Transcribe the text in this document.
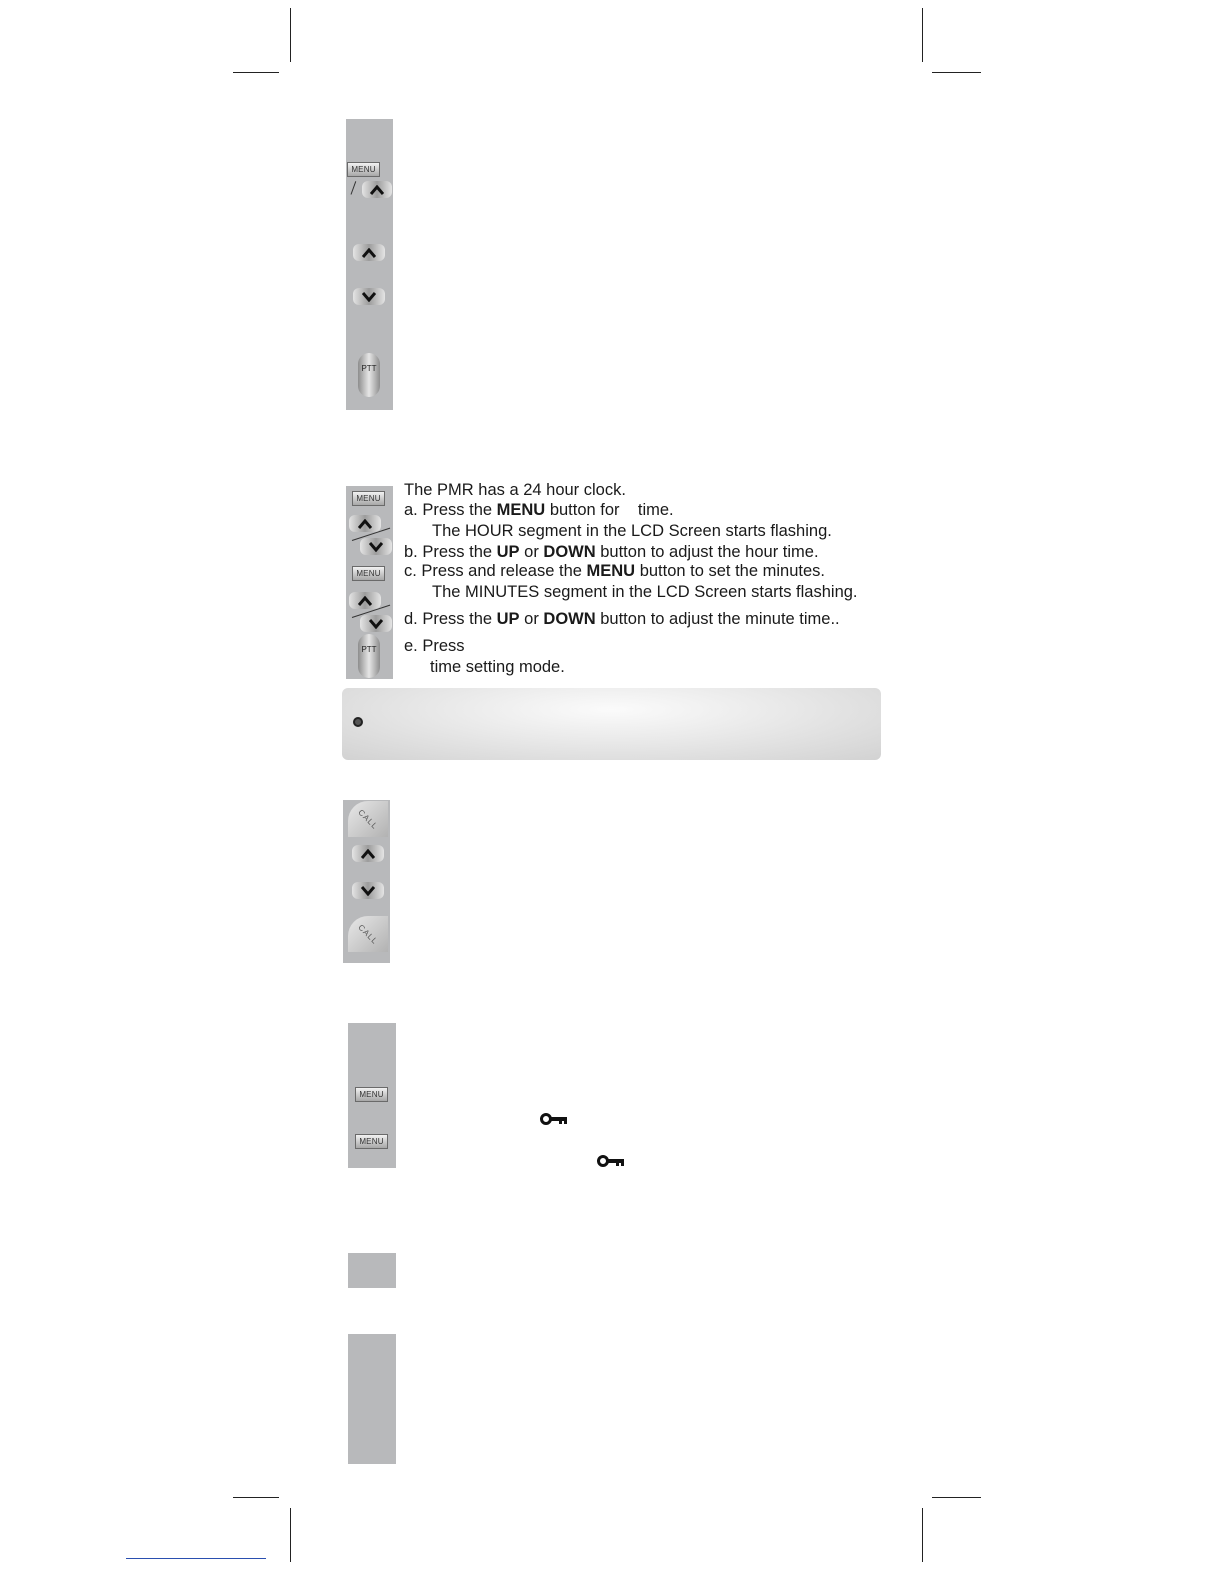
MENU
PTT
MENU
MENU
PTT
The PMR has a 24 hour clock.
a. Press the MENU button for    time.
The HOUR segment in the LCD Screen starts flashing.
b. Press the UP or DOWN button to adjust the hour time.
c. Press and release the MENU button to set the minutes.
The MINUTES segment in the LCD Screen starts flashing.
d. Press the UP or DOWN button to adjust the minute time..
e. Press
time setting mode.
CALL
CALL
MENU
MENU
